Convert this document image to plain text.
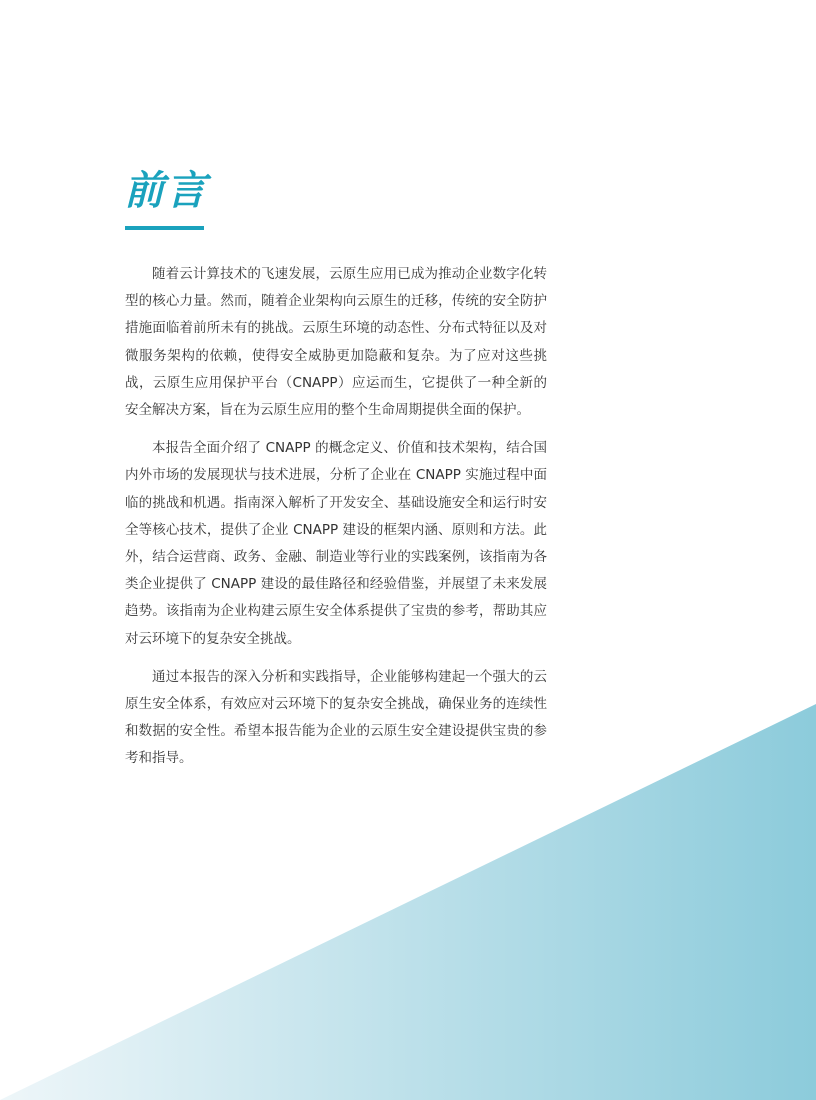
前言

随着云计算技术的飞速发展，云原生应用已成为推动企业数字化转型的核心力量。然而，随着企业架构向云原生的迁移，传统的安全防护措施面临着前所未有的挑战。云原生环境的动态性、分布式特征以及对微服务架构的依赖，使得安全威胁更加隐蔽和复杂。为了应对这些挑战，云原生应用保护平台（CNAPP）应运而生，它提供了一种全新的安全解决方案，旨在为云原生应用的整个生命周期提供全面的保护。

本报告全面介绍了 CNAPP 的概念定义、价值和技术架构，结合国内外市场的发展现状与技术进展，分析了企业在 CNAPP 实施过程中面临的挑战和机遇。指南深入解析了开发安全、基础设施安全和运行时安全等核心技术，提供了企业 CNAPP 建设的框架内涵、原则和方法。此外，结合运营商、政务、金融、制造业等行业的实践案例，该指南为各类企业提供了 CNAPP 建设的最佳路径和经验借鉴，并展望了未来发展趋势。该指南为企业构建云原生安全体系提供了宝贵的参考，帮助其应对云环境下的复杂安全挑战。

通过本报告的深入分析和实践指导，企业能够构建起一个强大的云原生安全体系，有效应对云环境下的复杂安全挑战，确保业务的连续性和数据的安全性。希望本报告能为企业的云原生安全建设提供宝贵的参考和指导。
